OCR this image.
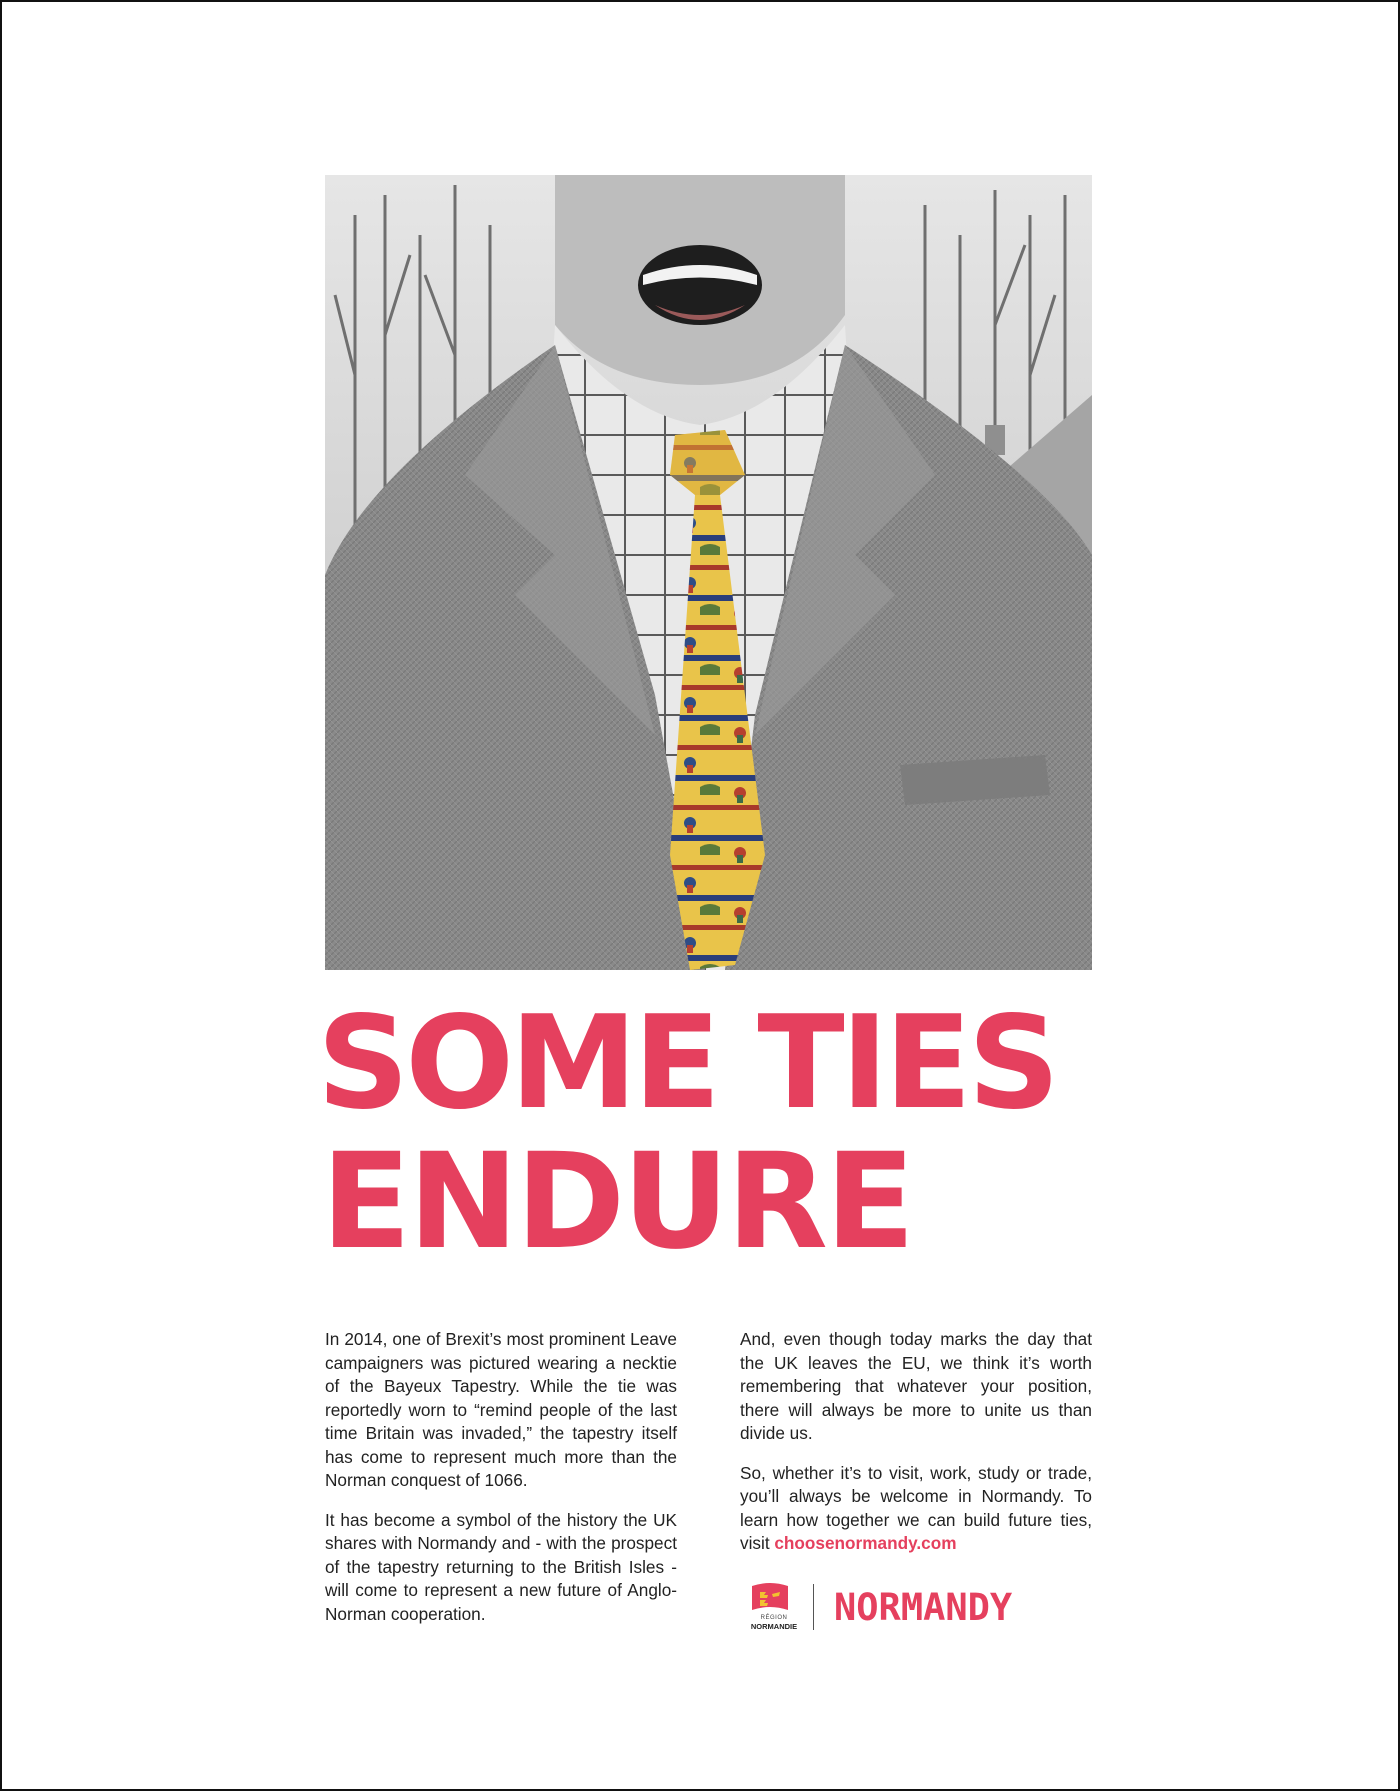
SOME TIES
ENDURE

In 2014, one of Brexit’s most prominent Leave campaigners was pictured wearing a necktie of the Bayeux Tapestry. While the tie was reportedly worn to “remind people of the last time Britain was invaded,” the tapestry itself has come to represent much more than the Norman conquest of 1066.

It has become a symbol of the history the UK shares with Normandy and - with the prospect of the tapestry returning to the British Isles - will come to represent a new future of Anglo-Norman cooperation.

And, even though today marks the day that the UK leaves the EU, we think it’s worth remembering that whatever your position, there will always be more to unite us than divide us.

So, whether it’s to visit, work, study or trade, you’ll always be welcome in Normandy. To learn how together we can build future ties, visit choosenormandy.com

RÉGION
NORMANDIE NORMANDY
